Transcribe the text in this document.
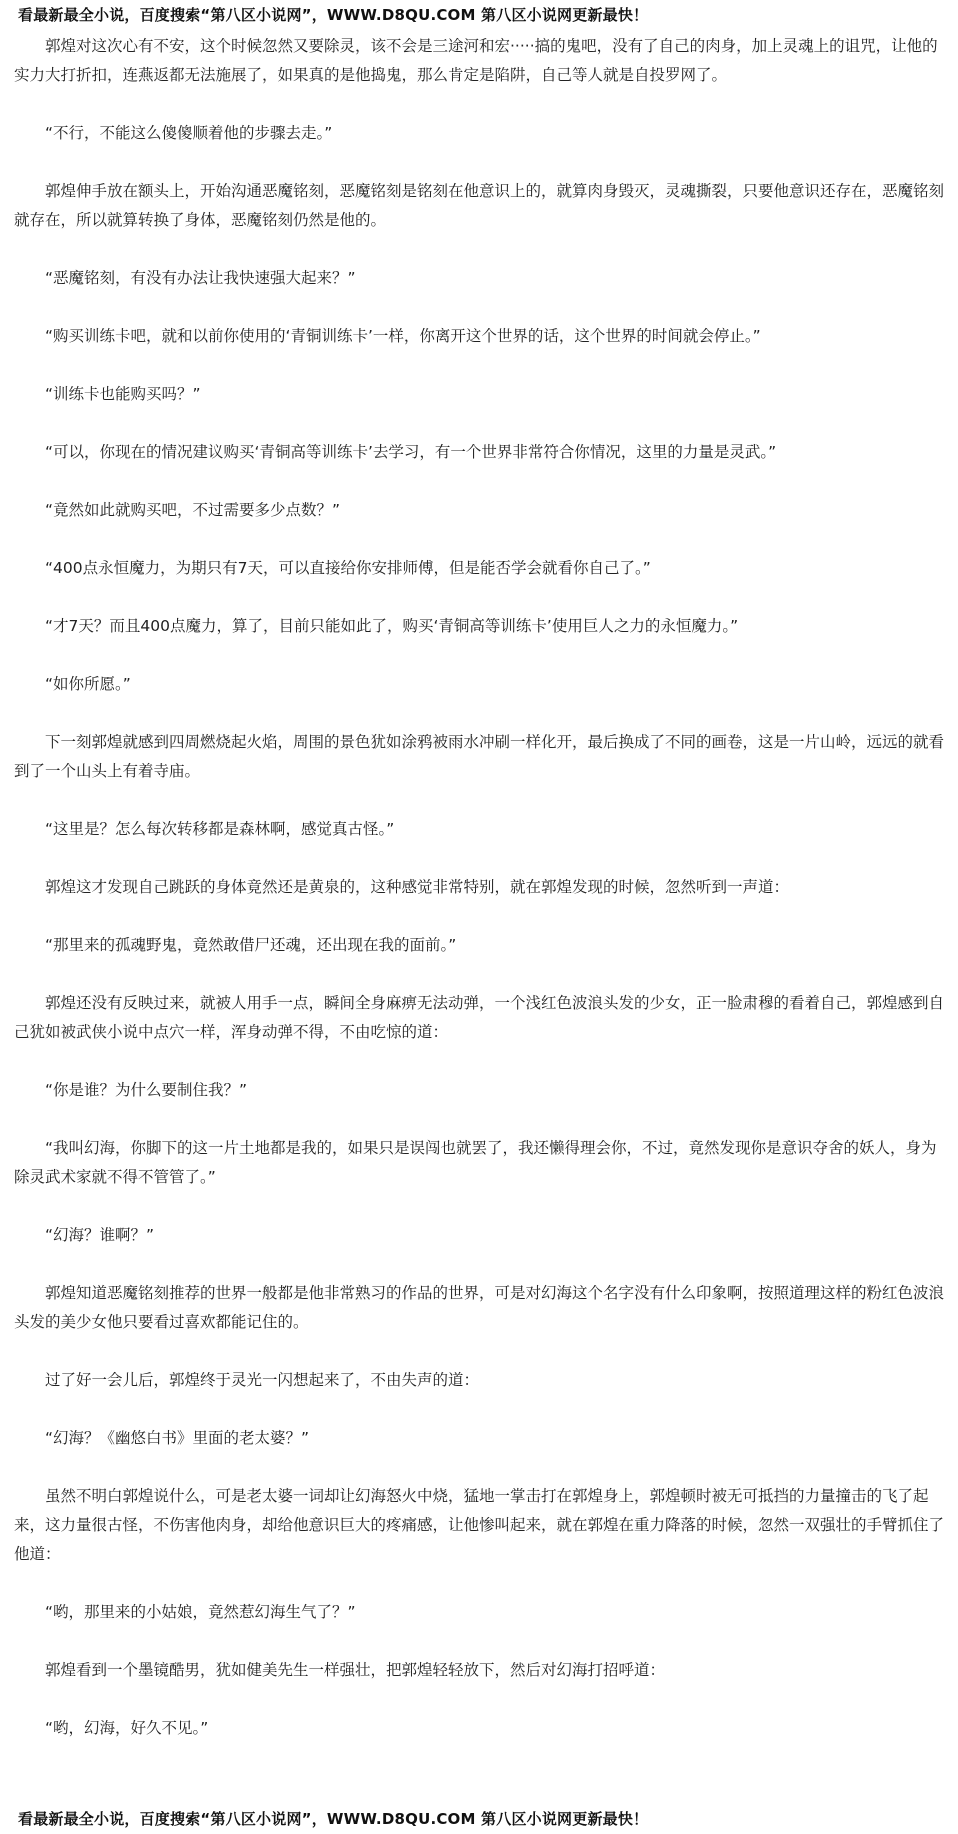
看最新最全小说，百度搜索“第八区小说网”，WWW.D8QU.COM 第八区小说网更新最快！

郭煌对这次心有不安，这个时候忽然又要除灵，该不会是三途河和宏·····搞的鬼吧，没有了自己的肉身，加上灵魂上的诅咒，让他的实力大打折扣，连燕返都无法施展了，如果真的是他捣鬼，那么肯定是陷阱，自己等人就是自投罗网了。

“不行，不能这么傻傻顺着他的步骤去走。”

郭煌伸手放在额头上，开始沟通恶魔铭刻，恶魔铭刻是铭刻在他意识上的，就算肉身毁灭，灵魂撕裂，只要他意识还存在，恶魔铭刻就存在，所以就算转换了身体，恶魔铭刻仍然是他的。

“恶魔铭刻，有没有办法让我快速强大起来？”

“购买训练卡吧，就和以前你使用的‘青铜训练卡’一样，你离开这个世界的话，这个世界的时间就会停止。”

“训练卡也能购买吗？”

“可以，你现在的情况建议购买‘青铜高等训练卡’去学习，有一个世界非常符合你情况，这里的力量是灵武。”

“竟然如此就购买吧，不过需要多少点数？”

“400点永恒魔力，为期只有7天，可以直接给你安排师傅，但是能否学会就看你自己了。”

“才7天？而且400点魔力，算了，目前只能如此了，购买‘青铜高等训练卡’使用巨人之力的永恒魔力。”

“如你所愿。”

下一刻郭煌就感到四周燃烧起火焰，周围的景色犹如涂鸦被雨水冲刷一样化开，最后换成了不同的画卷，这是一片山岭，远远的就看到了一个山头上有着寺庙。

“这里是？怎么每次转移都是森林啊，感觉真古怪。”

郭煌这才发现自己跳跃的身体竟然还是黄泉的，这种感觉非常特别，就在郭煌发现的时候，忽然听到一声道：

“那里来的孤魂野鬼，竟然敢借尸还魂，还出现在我的面前。”

郭煌还没有反映过来，就被人用手一点，瞬间全身麻痹无法动弹，一个浅红色波浪头发的少女，正一脸肃穆的看着自己，郭煌感到自己犹如被武侠小说中点穴一样，浑身动弹不得，不由吃惊的道：

“你是谁？为什么要制住我？”

“我叫幻海，你脚下的这一片土地都是我的，如果只是误闯也就罢了，我还懒得理会你，不过，竟然发现你是意识夺舍的妖人，身为除灵武术家就不得不管管了。”

“幻海？谁啊？”

郭煌知道恶魔铭刻推荐的世界一般都是他非常熟习的作品的世界，可是对幻海这个名字没有什么印象啊，按照道理这样的粉红色波浪头发的美少女他只要看过喜欢都能记住的。

过了好一会儿后，郭煌终于灵光一闪想起来了，不由失声的道：

“幻海？《幽悠白书》里面的老太婆？”

虽然不明白郭煌说什么，可是老太婆一词却让幻海怒火中烧，猛地一掌击打在郭煌身上，郭煌顿时被无可抵挡的力量撞击的飞了起来，这力量很古怪，不伤害他肉身，却给他意识巨大的疼痛感，让他惨叫起来，就在郭煌在重力降落的时候，忽然一双强壮的手臂抓住了他道：

“哟，那里来的小姑娘，竟然惹幻海生气了？”

郭煌看到一个墨镜酷男，犹如健美先生一样强壮，把郭煌轻轻放下，然后对幻海打招呼道：

“哟，幻海，好久不见。”

看最新最全小说，百度搜索“第八区小说网”，WWW.D8QU.COM 第八区小说网更新最快！
